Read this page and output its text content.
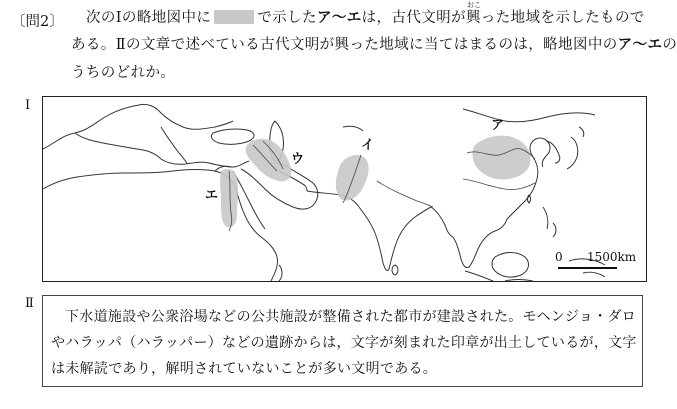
〔問2〕 次のⅠの略地図中に	で示したア〜エは，古代文明が
おこ
興った地域を示したもので
ある。Ⅱの文章で述べている古代文明が興った地域に当てはまるのは，略地図中のア〜エの
うちのどれか。
Ⅰ
ア
イ
ウ
エ
0 1500km
Ⅱ
下水道施設や公衆浴場などの公共施設が整備された都市が建設された。モヘンジョ・ダロ
やハラッパ（ハラッパー）などの遺跡からは，文字が刻まれた印章が出土しているが，文字
は未解読であり，解明されていないことが多い文明である。
